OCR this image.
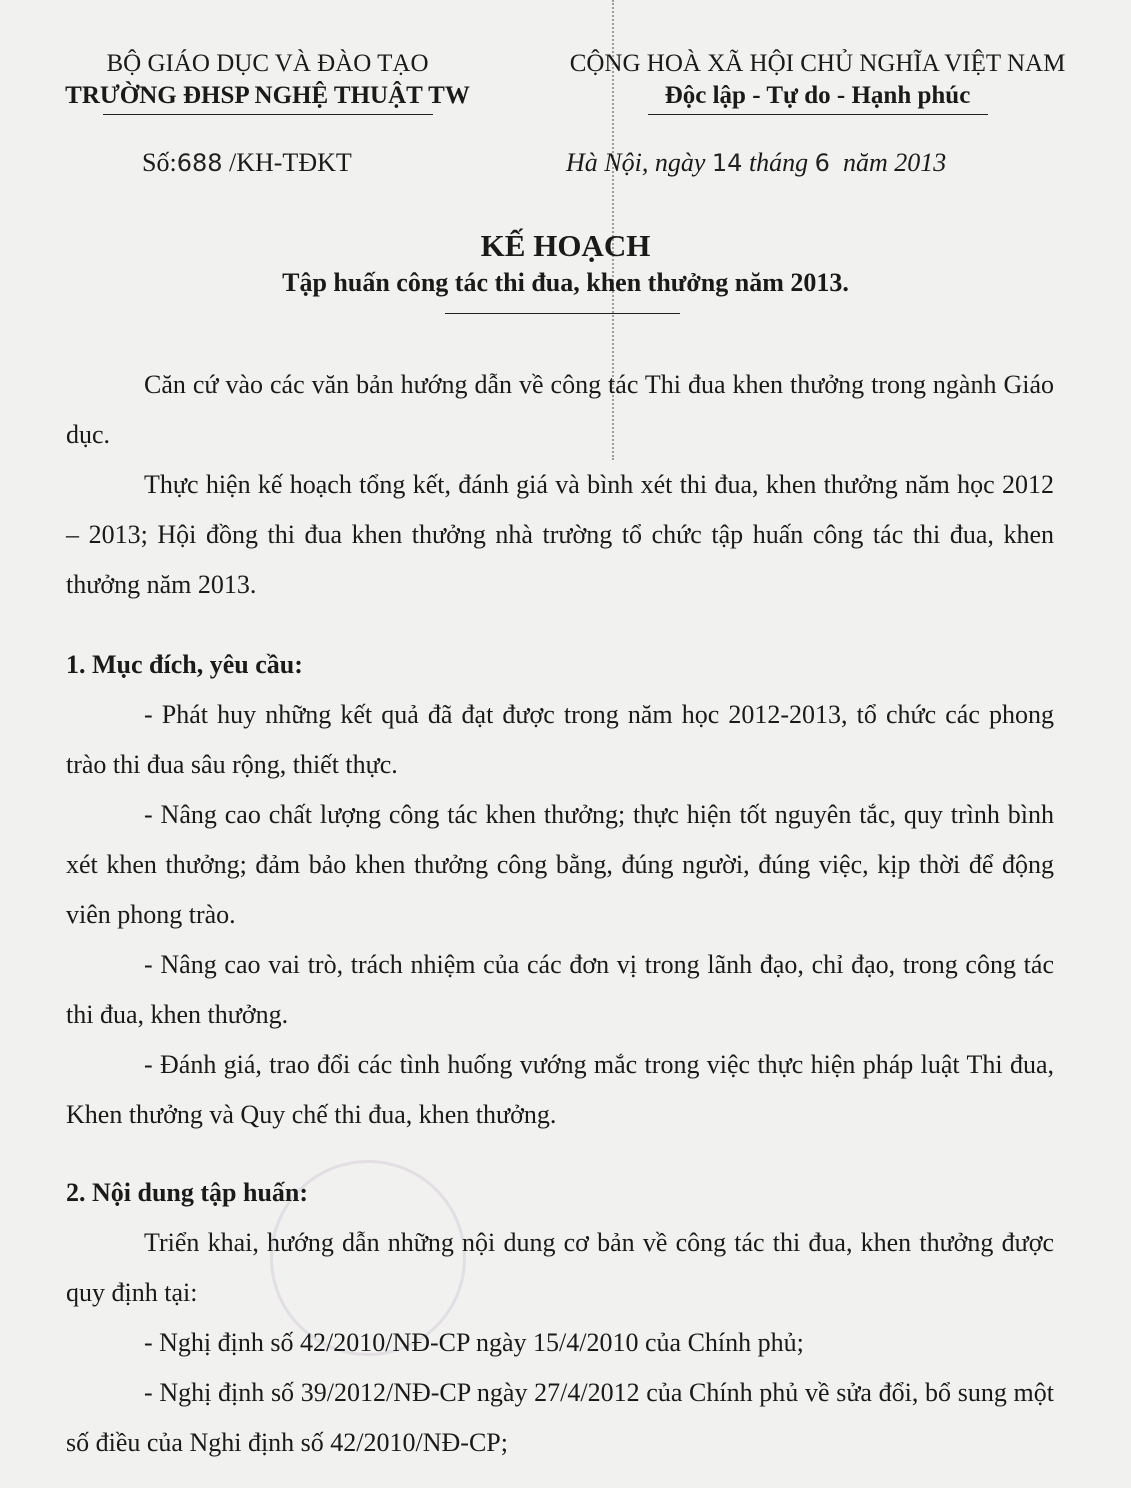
BỘ GIÁO DỤC VÀ ĐÀO TẠO
TRƯỜNG ĐHSP NGHỆ THUẬT TW
CỘNG HOÀ XÃ HỘI CHỦ NGHĨA VIỆT NAM
Độc lập - Tự do - Hạnh phúc
Số:688 /KH-TĐKT	Hà Nội, ngày 14 tháng 6 năm 2013
KẾ HOẠCH
Tập huấn công tác thi đua, khen thưởng năm 2013.

Căn cứ vào các văn bản hướng dẫn về công tác Thi đua khen thưởng trong ngành Giáo dục.

Thực hiện kế hoạch tổng kết, đánh giá và bình xét thi đua, khen thưởng năm học 2012 – 2013; Hội đồng thi đua khen thưởng nhà trường tổ chức tập huấn công tác thi đua, khen thưởng năm 2013.

1. Mục đích, yêu cầu:

- Phát huy những kết quả đã đạt được trong năm học 2012-2013, tổ chức các phong trào thi đua sâu rộng, thiết thực.

- Nâng cao chất lượng công tác khen thưởng; thực hiện tốt nguyên tắc, quy trình bình xét khen thưởng; đảm bảo khen thưởng công bằng, đúng người, đúng việc, kịp thời để động viên phong trào.

- Nâng cao vai trò, trách nhiệm của các đơn vị trong lãnh đạo, chỉ đạo, trong công tác thi đua, khen thưởng.

- Đánh giá, trao đổi các tình huống vướng mắc trong việc thực hiện pháp luật Thi đua, Khen thưởng và Quy chế thi đua, khen thưởng.

2. Nội dung tập huấn:

Triển khai, hướng dẫn những nội dung cơ bản về công tác thi đua, khen thưởng được quy định tại:

- Nghị định số 42/2010/NĐ-CP ngày 15/4/2010 của Chính phủ;

- Nghị định số 39/2012/NĐ-CP ngày 27/4/2012 của Chính phủ về sửa đổi, bổ sung một số điều của Nghi định số 42/2010/NĐ-CP;
